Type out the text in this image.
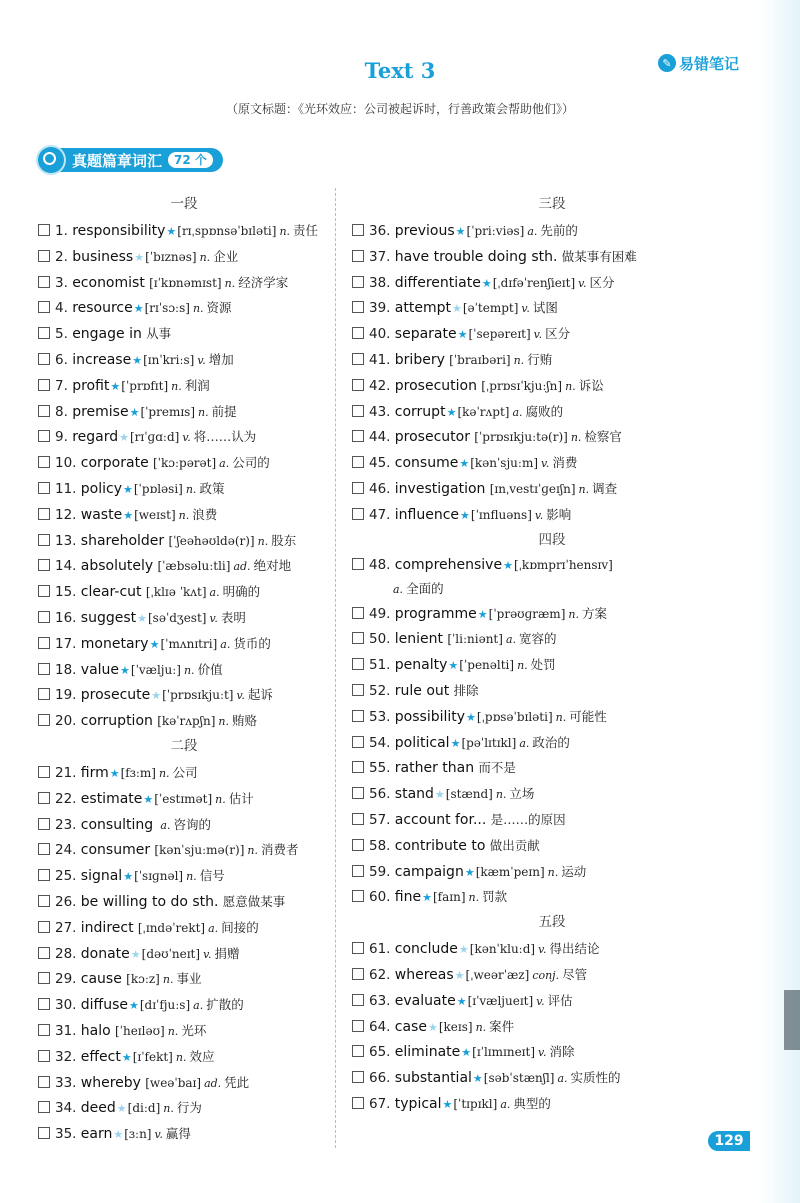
Text 3	✎ 易错笔记
（原文标题：《光环效应：公司被起诉时，行善政策会帮助他们》）
真题篇章词汇	72 个
一段
1. responsibility★[rɪˌspɒnsəˈbɪləti] n. 责任
2. business★[ˈbɪznəs] n. 企业
3. economist [ɪˈkɒnəmɪst] n. 经济学家
4. resource★[rɪˈsɔːs] n. 资源
5. engage in 从事
6. increase★[ɪnˈkriːs] v. 增加
7. profit★[ˈprɒfɪt] n. 利润
8. premise★[ˈpremɪs] n. 前提
9. regard★[rɪˈɡɑːd] v. 将……认为
10. corporate [ˈkɔːpərət] a. 公司的
11. policy★[ˈpɒləsi] n. 政策
12. waste★[weɪst] n. 浪费
13. shareholder [ˈʃeəhəʊldə(r)] n. 股东
14. absolutely [ˈæbsəluːtli] ad. 绝对地
15. clear-cut [ˌklɪə ˈkʌt] a. 明确的
16. suggest★[səˈdʒest] v. 表明
17. monetary★[ˈmʌnɪtri] a. 货币的
18. value★[ˈvæljuː] n. 价值
19. prosecute★[ˈprɒsɪkjuːt] v. 起诉
20. corruption [kəˈrʌpʃn] n. 贿赂
二段
21. firm★[fɜːm] n. 公司
22. estimate★[ˈestɪmət] n. 估计
23. consulting a. 咨询的
24. consumer [kənˈsjuːmə(r)] n. 消费者
25. signal★[ˈsɪɡnəl] n. 信号
26. be willing to do sth. 愿意做某事
27. indirect [ˌɪndəˈrekt] a. 间接的
28. donate★[dəʊˈneɪt] v. 捐赠
29. cause [kɔːz] n. 事业
30. diffuse★[dɪˈfjuːs] a. 扩散的
31. halo [ˈheɪləʊ] n. 光环
32. effect★[ɪˈfekt] n. 效应
33. whereby [weəˈbaɪ] ad. 凭此
34. deed★[diːd] n. 行为
35. earn★[ɜːn] v. 赢得
三段
36. previous★[ˈpriːviəs] a. 先前的
37. have trouble doing sth. 做某事有困难
38. differentiate★[ˌdɪfəˈrenʃieɪt] v. 区分
39. attempt★[əˈtempt] v. 试图
40. separate★[ˈsepəreɪt] v. 区分
41. bribery [ˈbraɪbəri] n. 行贿
42. prosecution [ˌprɒsɪˈkjuːʃn] n. 诉讼
43. corrupt★[kəˈrʌpt] a. 腐败的
44. prosecutor [ˈprɒsɪkjuːtə(r)] n. 检察官
45. consume★[kənˈsjuːm] v. 消费
46. investigation [ɪnˌvestɪˈɡeɪʃn] n. 调查
47. influence★[ˈɪnfluəns] v. 影响
四段
48. comprehensive★[ˌkɒmprɪˈhensɪv]
a. 全面的
49. programme★[ˈprəʊɡræm] n. 方案
50. lenient [ˈliːniənt] a. 宽容的
51. penalty★[ˈpenəlti] n. 处罚
52. rule out 排除
53. possibility★[ˌpɒsəˈbɪləti] n. 可能性
54. political★[pəˈlɪtɪkl] a. 政治的
55. rather than 而不是
56. stand★[stænd] n. 立场
57. account for... 是……的原因
58. contribute to 做出贡献
59. campaign★[kæmˈpeɪn] n. 运动
60. fine★[faɪn] n. 罚款
五段
61. conclude★[kənˈkluːd] v. 得出结论
62. whereas★[ˌweərˈæz] conj. 尽管
63. evaluate★[ɪˈvæljueɪt] v. 评估
64. case★[keɪs] n. 案件
65. eliminate★[ɪˈlɪmɪneɪt] v. 消除
66. substantial★[səbˈstænʃl] a. 实质性的
67. typical★[ˈtɪpɪkl] a. 典型的
129
